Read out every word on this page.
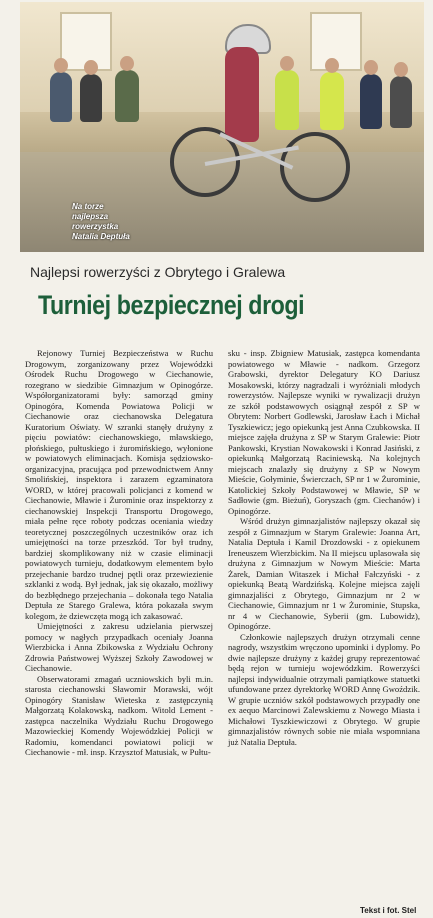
Na torze
najlepsza
rowerzystka
Natalia Deptuła
Najlepsi rowerzyści z Obrytego i Gralewa
Turniej bezpiecznej drogi

Rejonowy Turniej Bezpieczeństwa w Ruchu Drogowym, zorganizowany przez Wojewódzki Ośrodek Ruchu Drogowego w Ciechanowie, rozegrano w siedzibie Gimnazjum w Opinogórze. Współorganizatorami były: samorząd gminy Opinogóra, Komenda Powiatowa Policji w Ciechanowie oraz ciechanowska Delegatura Kuratorium Oświaty. W szranki stanęły drużyny z pięciu powiatów: ciechanowskiego, mławskiego, płońskiego, pułtuskiego i żuromińskiego, wyłonione w powiatowych eliminacjach. Komisja sędziowsko-organizacyjna, pracująca pod przewodnictwem Anny Smolińskiej, inspektora i zarazem egzaminatora WORD, w której pracowali policjanci z komend w Ciechanowie, Mławie i Żurominie oraz inspektorzy z ciechanowskiej Inspekcji Transportu Drogowego, miała pełne ręce roboty podczas oceniania wiedzy teoretycznej poszczególnych uczestników oraz ich umiejętności na torze przeszkód. Tor był trudny, bardziej skomplikowany niż w czasie eliminacji powiatowych turnieju, dodatkowym elementem było przejechanie bardzo trudnej pętli oraz przewiezienie szklanki z wodą. Był jednak, jak się okazało, możliwy do bezbłędnego przejechania – dokonała tego Natalia Deptuła ze Starego Gralewa, która pokazała swym kolegom, że dziewczęta mogą ich zakasować.

Umiejętności z zakresu udzielania pierwszej pomocy w nagłych przypadkach oceniały Joanna Wierzbicka i Anna Zbikowska z Wydziału Ochrony Zdrowia Państwowej Wyższej Szkoły Zawodowej w Ciechanowie.

Obserwatorami zmagań uczniowskich byli m.in. starosta ciechanowski Sławomir Morawski, wójt Opinogóry Stanisław Wieteska z zastępczynią Małgorzatą Kolakowską, nadkom. Witold Lement - zastępca naczelnika Wydziału Ruchu Drogowego Mazowieckiej Komendy Wojewódzkiej Policji w Radomiu, komendanci powiatowi policji w Ciechanowie - mł. insp. Krzysztof Matusiak, w Pułtu-

sku - insp. Zbigniew Matusiak, zastępca komendanta powiatowego w Mławie - nadkom. Grzegorz Grabowski, dyrektor Delegatury KO Dariusz Mosakowski, którzy nagradzali i wyróżniali młodych rowerzystów. Najlepsze wyniki w rywalizacji drużyn ze szkół podstawowych osiągnął zespół z SP w Obrytem: Norbert Godlewski, Jarosław Łach i Michał Tyszkiewicz; jego opiekunką jest Anna Czubkowska. II miejsce zajęła drużyna z SP w Starym Gralewie: Piotr Pankowski, Krystian Nowakowski i Konrad Jasiński, z opiekunką Małgorzatą Raciniewską. Na kolejnych miejscach znalazły się drużyny z SP w Nowym Mieście, Gołyminie, Świerczach, SP nr 1 w Żurominie, Katolickiej Szkoły Podstawowej w Mławie, SP w Sadłowie (gm. Bieżuń), Goryszach (gm. Ciechanów) i Opinogórze.

Wśród drużyn gimnazjalistów najlepszy okazał się zespół z Gimnazjum w Starym Gralewie: Joanna Art, Natalia Deptuła i Kamil Drozdowski - z opiekunem Ireneuszem Wierzbickim. Na II miejscu uplasowała się drużyna z Gimnazjum w Nowym Mieście: Marta Żarek, Damian Witaszek i Michał Fałczyński - z opiekunką Beatą Wardzińską. Kolejne miejsca zajęli gimnazjaliści z Obrytego, Gimnazjum nr 2 w Ciechanowie, Gimnazjum nr 1 w Żurominie, Stupska, nr 4 w Ciechanowie, Syberii (gm. Lubowidz), Opinogórze.

Członkowie najlepszych drużyn otrzymali cenne nagrody, wszystkim wręczono upominki i dyplomy. Po dwie najlepsze drużyny z każdej grupy reprezentować będą rejon w turnieju wojewódzkim. Rowerzyści najlepsi indywidualnie otrzymali pamiątkowe statuetki ufundowane przez dyrektorkę WORD Annę Gwoździk. W grupie uczniów szkół podstawowych przypadły one ex aequo Marcinowi Zalewskiemu z Nowego Miasta i Michałowi Tyszkiewiczowi z Obrytego. W grupie gimnazjalistów równych sobie nie miała wspomniana już Natalia Deptuła.

Tekst i fot. Stel
